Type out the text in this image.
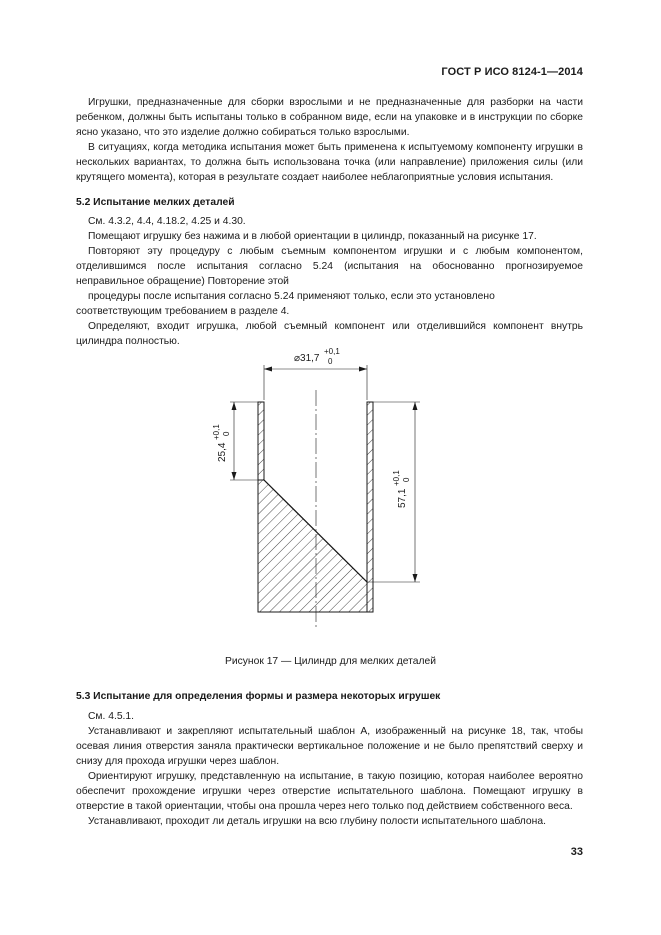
ГОСТ Р ИСО 8124-1—2014

Игрушки, предназначенные для сборки взрослыми и не предназначенные для разборки на части ребенком, должны быть испытаны только в собранном виде, если на упаковке и в инструкции по сборке ясно указано, что это изделие должно собираться только взрослыми.

В ситуациях, когда методика испытания может быть применена к испытуемому компоненту игрушки в нескольких вариантах, то должна быть использована точка (или направление) приложения силы (или крутящего момента), которая в результате создает наиболее неблагоприятные условия испытания.

5.2 Испытание мелких деталей

См. 4.3.2, 4.4, 4.18.2, 4.25 и 4.30.

Помещают игрушку без нажима и в любой ориентации в цилиндр, показанный на рисунке 17.

Повторяют эту процедуру с любым съемным компонентом игрушки и с любым компонентом, отделившимся после испытания согласно 5.24 (испытания на обоснованно прогнозируемое неправильное обращение) Повторение этой

процедуры после испытания согласно 5.24 применяют только, если это установлено соответствующим требованием в разделе 4.

Определяют, входит игрушка, любой съемный компонент или отделившийся компонент внутрь цилиндра полностью.

⌀31,7
+0,1
0
25,4
+0,1 0
57,1
+0,1 0
Рисунок 17 — Цилиндр для мелких деталей

5.3 Испытание для определения формы и размера некоторых игрушек

См. 4.5.1.

Устанавливают и закрепляют испытательный шаблон А, изображенный на рисунке 18, так, чтобы осевая линия отверстия заняла практически вертикальное положение и не было препятствий сверху и снизу для прохода игрушки через шаблон.

Ориентируют игрушку, представленную на испытание, в такую позицию, которая наиболее вероятно обеспечит прохождение игрушки через отверстие испытательного шаблона. Помещают игрушку в отверстие в такой ориентации, чтобы она прошла через него только под действием собственного веса.

Устанавливают, проходит ли деталь игрушки на всю глубину полости испытательного шаблона.

33
